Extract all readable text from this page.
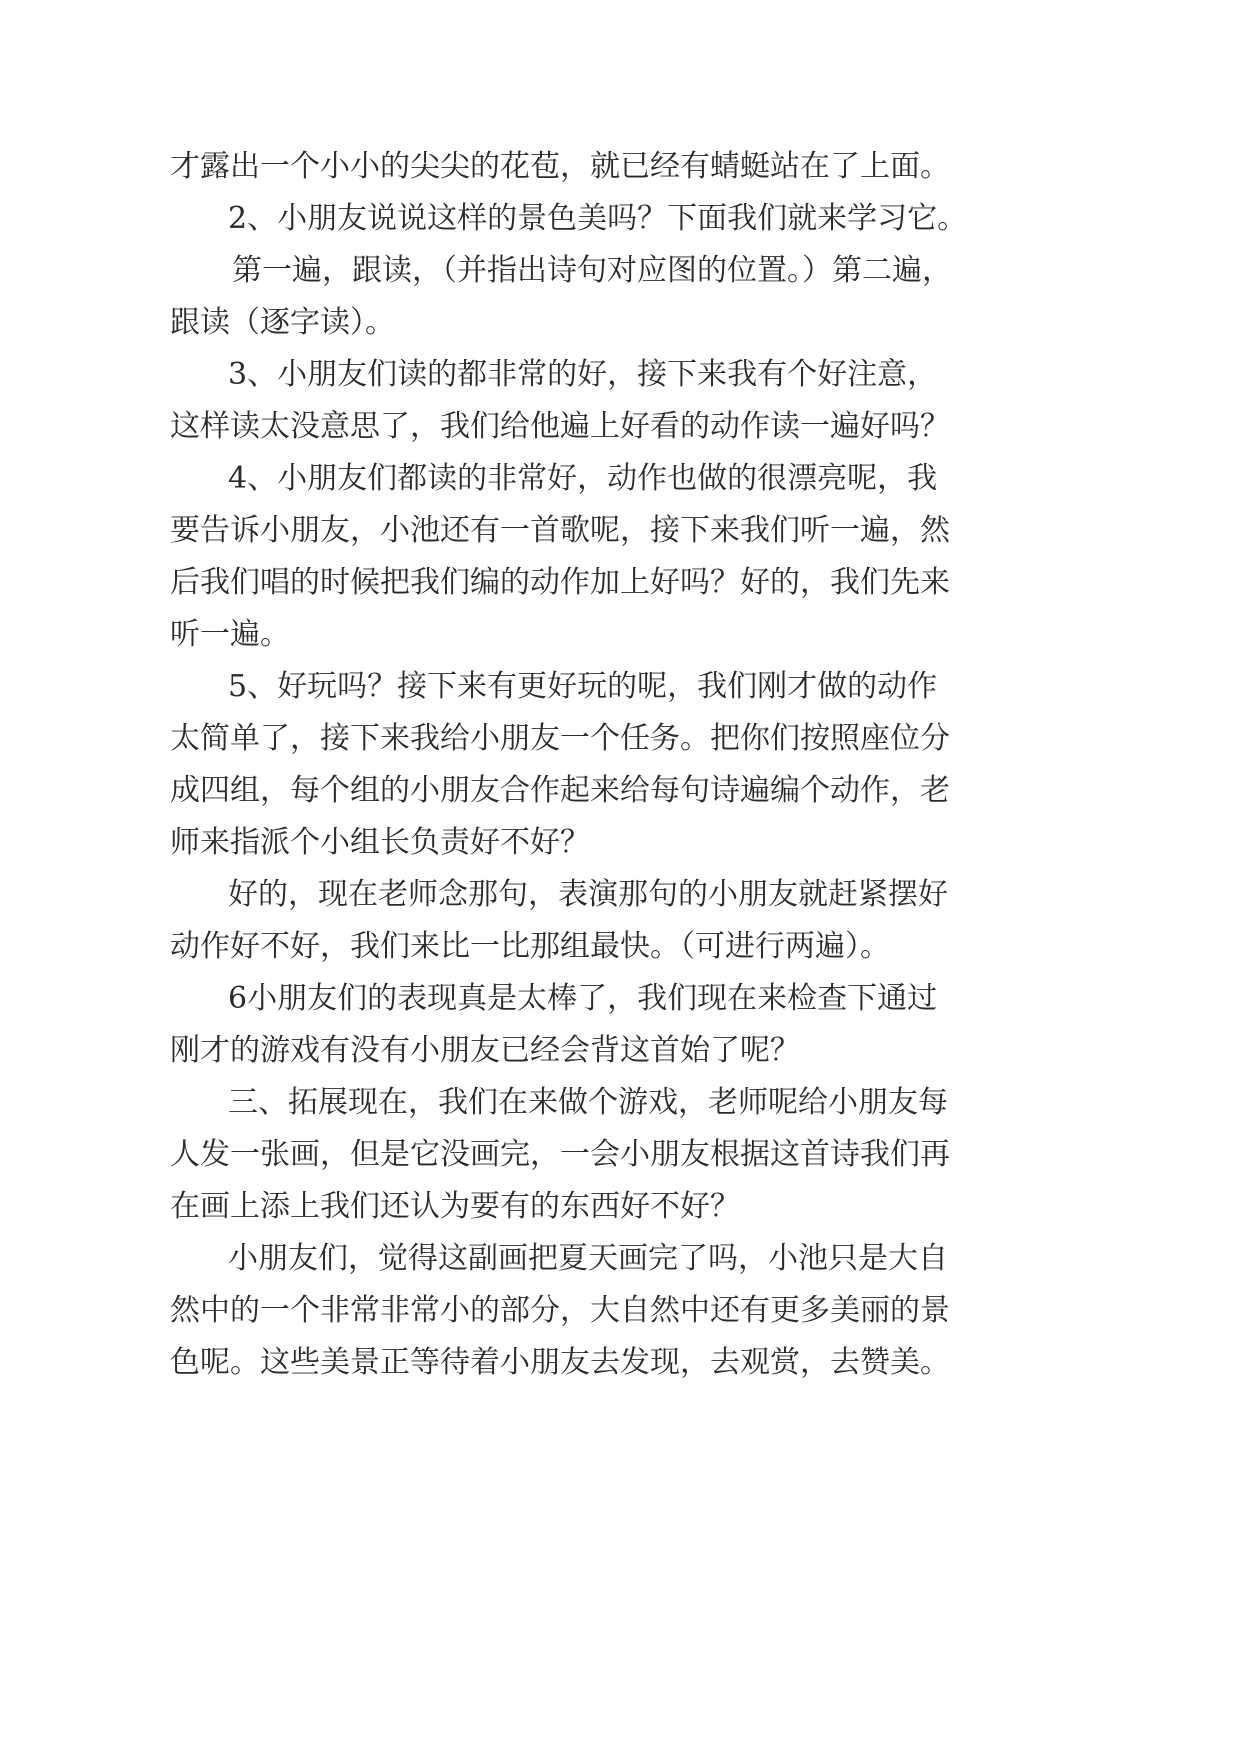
才露出一个小小的尖尖的花苞，就已经有蜻蜓站在了上面。
2、小朋友说说这样的景色美吗？下面我们就来学习它。
第一遍，跟读，（并指出诗句对应图的位置。）第二遍，
跟读（逐字读）。
3、小朋友们读的都非常的好，接下来我有个好注意，
这样读太没意思了，我们给他遍上好看的动作读一遍好吗？
4、小朋友们都读的非常好，动作也做的很漂亮呢，我
要告诉小朋友，小池还有一首歌呢，接下来我们听一遍，然
后我们唱的时候把我们编的动作加上好吗？好的，我们先来
听一遍。
5、好玩吗？接下来有更好玩的呢，我们刚才做的动作
太简单了，接下来我给小朋友一个任务。把你们按照座位分
成四组，每个组的小朋友合作起来给每句诗遍编个动作，老
师来指派个小组长负责好不好？
好的，现在老师念那句，表演那句的小朋友就赶紧摆好
动作好不好，我们来比一比那组最快。（可进行两遍）。
6小朋友们的表现真是太棒了，我们现在来检查下通过
刚才的游戏有没有小朋友已经会背这首始了呢？
三、拓展现在，我们在来做个游戏，老师呢给小朋友每
人发一张画，但是它没画完，一会小朋友根据这首诗我们再
在画上添上我们还认为要有的东西好不好？
小朋友们，觉得这副画把夏天画完了吗，小池只是大自
然中的一个非常非常小的部分，大自然中还有更多美丽的景
色呢。这些美景正等待着小朋友去发现，去观赏，去赞美。
